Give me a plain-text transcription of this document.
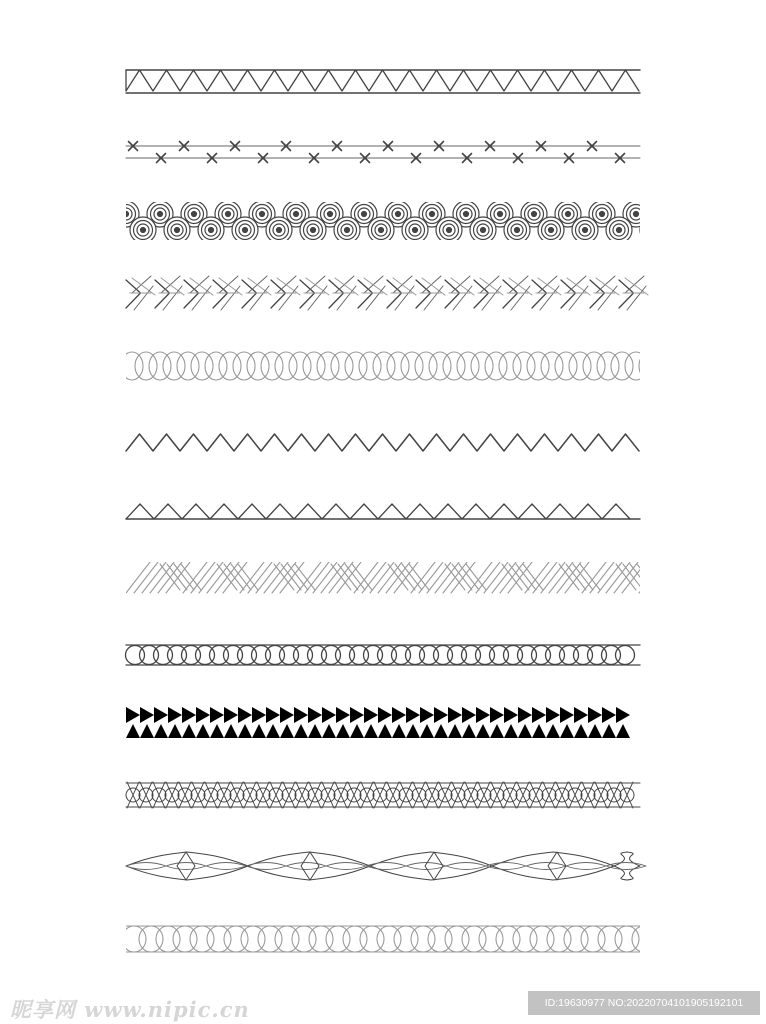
昵享网 www.nipic.cn	ID:19630977 NO:20220704101905192101
